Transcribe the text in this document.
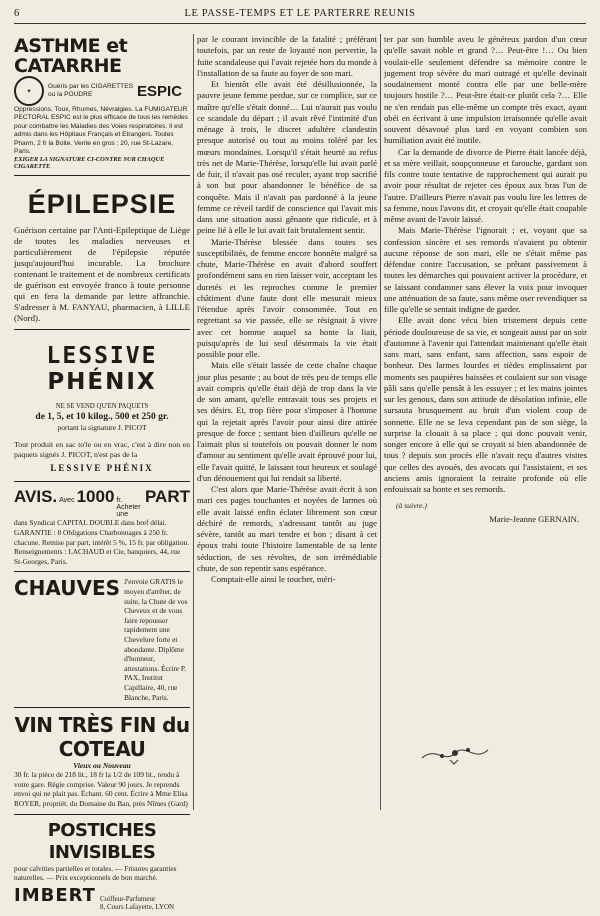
6	LE PASSE-TEMPS ET LE PARTERRE REUNIS

ASTHME et CATARRHE

✦

Guéris par les CIGARETTES

ou la POUDRE	ESPIC

Oppressions, Toux, Rhumes, Névralgies. La FUMIGATEUR PECTORAL ESPIC est le plus efficace de tous les remèdes pour combattre les Maladies des Voies respiratoires. Il est admis dans les Hôpitaux Français et Etrangers. Toutes Pharm, 2 fr la Boite. Vente en gros : 20, rue St-Lazare, Paris.

EXIGER LA SIGNATURE CI-CONTRE SUR CHAQUE CIGARETTE

ÉPILEPSIE

Guérison certaine par l'Anti-Epileptique de Liège de toutes les maladies nerveuses et particulièrement de l'épilepsie réputée jusqu'aujourd'hui incurable. La brochure contenant le traitement et de nombreux certificats de guérison est envoyée franco à toute personne qui en fera la demande par lettre affranchie. S'adresser à M. FANYAU, pharmacien, à LILLE (Nord).

LESSIVE

PHÉNIX

NE SE VEND QU'EN PAQUETS

de 1, 5, et 10 kilog., 500 et 250 gr.

portant la signature J. PICOT

Tout produit en sac to'le ou en vrac, c'est à dire non en paquets signés J. PICOT, n'est pas de la

LESSIVE PHÉNIX

AVIS. Avec 1000 fr. Acheter une
PART

dans Syndicat CAPITAL DOUBLE dans bref délai. GARANTIE : 8 Obligations Charbonnages à 250 fr. chacune. Remise par part, intérêt 5 %, 15 fr. par obligation. Renseignements : LACHAUD et Cie, banquiers, 44, rue St-Georges, Paris.

CHAUVES J'envoie GRATIS le moyen d'arrêter, de suite, la Chute de vos Cheveux et de vous faire repousser rapidement une Chevelure forte et abondante. Diplôme d'honneur, attestations. Écrire P. PAX, Institut Capillaire, 40, rue Blanche, Paris.

VIN TRÈS FIN du COTEAU

Vieux ou Nouveau

30 fr. la pièce de 218 lit., 18 fr la 1/2 de 109 lit., rendu à votre gare. Régie comprise. Valeur 90 jours. Je reprends envoi qui ne plait pas. Échant. 60 cent. Écrire à Mme Elisa ROYER, propriét. du Domaine du Ban, près Nîmes (Gard)

POSTICHES INVISIBLES

pour calvities partielles et totales. — Frisures garanties naturelles. — Prix exceptionnels de bon marché.

IMBERT Coiffeur-Parfumeur
8, Cours Lafayette, LYON

par le courant invincible de la fatalité ; préférant toutefois, par un reste de loyauté non pervertie, la fuite scandaleuse qui l'avait rejetée hors du monde à l'installation de sa faute au foyer de son mari.

Et bientôt elle avait été désillusionnée, la pauvre jeune femme perdue, sur ce complice, sur ce maître qu'elle s'était donné… Lui n'aurait pas voulu ce scandale du départ ; il avait rêvé l'intimité d'un ménage à trois, le discret adultère clandestin presque autorisé ou tout au moins toléré par les mœurs mondaines. Lorsqu'il s'était heurté au refus très net de Marie-Thérèse, lorsqu'elle lui avait parlé de fuir, il n'avait pas osé reculer, ayant trop sacrifié à son but pour abandonner le bénéfice de sa conquête. Mais il n'avait pas pardonné à la jeune femme ce réveil tardif de conscience qui l'avait mis dans une situation aussi gênante que ridicule, et à peine lié à elle le lui avait fait brutalement sentir.

Marie-Thérèse blessée dans toutes ses susceptibilités, de femme encore honnête malgré sa chute, Marie-Thérèse en avait d'abord souffert profondément sans en rien laisser voir, acceptant les duretés et les reproches comme le premier châtiment d'une faute dont elle mesurait mieux l'étendue après l'avoir consommée. Tout en regrettant sa vie passée, elle se résignait à vivre avec cet homme auquel sa honte la liait, puisqu'après de lui seul désormais la vie était possible pour elle.

Mais elle s'était lassée de cette chaîne chaque jour plus pesante ; au bout de très peu de temps elle avait compris qu'elle était déjà de trop dans la vie de son amant, qu'elle entravait tous ses projets et ses désirs. Et, trop fière pour s'imposer à l'homme qui la rejetait après l'avoir pour ainsi dire attirée presque de force ; sentant bien d'ailleurs qu'elle ne l'aimait plus si toutefois on pouvait donner le nom d'amour au sentiment qu'elle avait éprouvé pour lui, elle l'avait quitté, le laissant tout heureux et soulagé d'un dénouement qui lui rendait sa liberté.

C'est alors que Marie-Thérèse avait écrit à son mari ces pages touchantes et noyées de larmes où elle avait laissé enfin éclater librement son cœur déchiré de remords, s'adressant tantôt au juge sévère, tantôt au mari tendre et bon ; disant à cet époux trahi toute l'histoire lamentable de sa lente séduction, de ses révoltes, de son irrémédiable chute, de son repentir sans espérance.

Comptait-elle ainsi le toucher, méri-

ter par son humble aveu le généreux pardon d'un cœur qu'elle savait noble et grand ?… Peut-être !… Ou bien voulait-elle seulement défendre sa mémoire contre le jugement trop sévère du mari outragé et qu'elle devinait soudainement monté contra elle par une belle-mère toujours hostile ?… Peut-être était-ce plutôt cela ?… Elle ne s'en rendait pas elle-même un compte très exact, ayant obéi en écrivant à une impulsion irraisonnée qu'elle avait souvent désavoué plus tard en voyant combien son humiliation avait été inutile.

Car la demande de divorce de Pierre était lancée déjà, et sa mère veillait, soupçonneuse et farouche, gardant son fils contre toute tentative de rapprochement qui aurait pu avoir pour résultat de rejeter ces époux aux bras l'un de l'autre. D'ailleurs Pierre n'avait pas voulu lire les lettres de sa femme, nous l'avons dit, et croyait qu'elle était coupable même avant de l'avoir laissé.

Mais Marie-Thérèse l'ignorait ; et, voyant que sa confession sincère et ses remords n'avaient pu obtenir aucune réponse de son mari, elle ne s'était même pas défendue contre l'accusation, se prêtant passivement à toutes les démarches qui pouvaient activer la procédure, et se laissant condamner sans élever la voix pour invoquer une atténuation de sa faute, sans même oser revendiquer sa fille qu'elle se sentait indigne de garder.

Elle avait donc vécu bien tristement depuis cette période douloureuse de sa vie, et songeait aussi par un soir d'automne à l'avenir qui l'attendait maintenant qu'elle était sans mari, sans enfant, sans affection, sans espoir de bonheur. Des larmes lourdes et tièdes emplissaient par moments ses paupières baissées et coulaient sur son visage pâli sans qu'elle pensât à les essuyer ; et les mains jointes sur les genoux, dans son attitude de désolation infinie, elle sursauta brusquement au bruit d'un violent coup de sonnette. Elle ne se leva cependant pas de son siège, la surprise la clouait à sa place ; qui donc pouvait venir, songer encore à elle qui se croyait si bien abandonnée de tous ? depuis son procès elle n'avait reçu d'autres visites que celles des avoués, des avocats qui l'assistaient, et ses anciens amis ignoraient la retraite profonde où elle enfouissait sa honte et ses remords.

(à suivre.)
Marie-Jeanne GERNAIN.
